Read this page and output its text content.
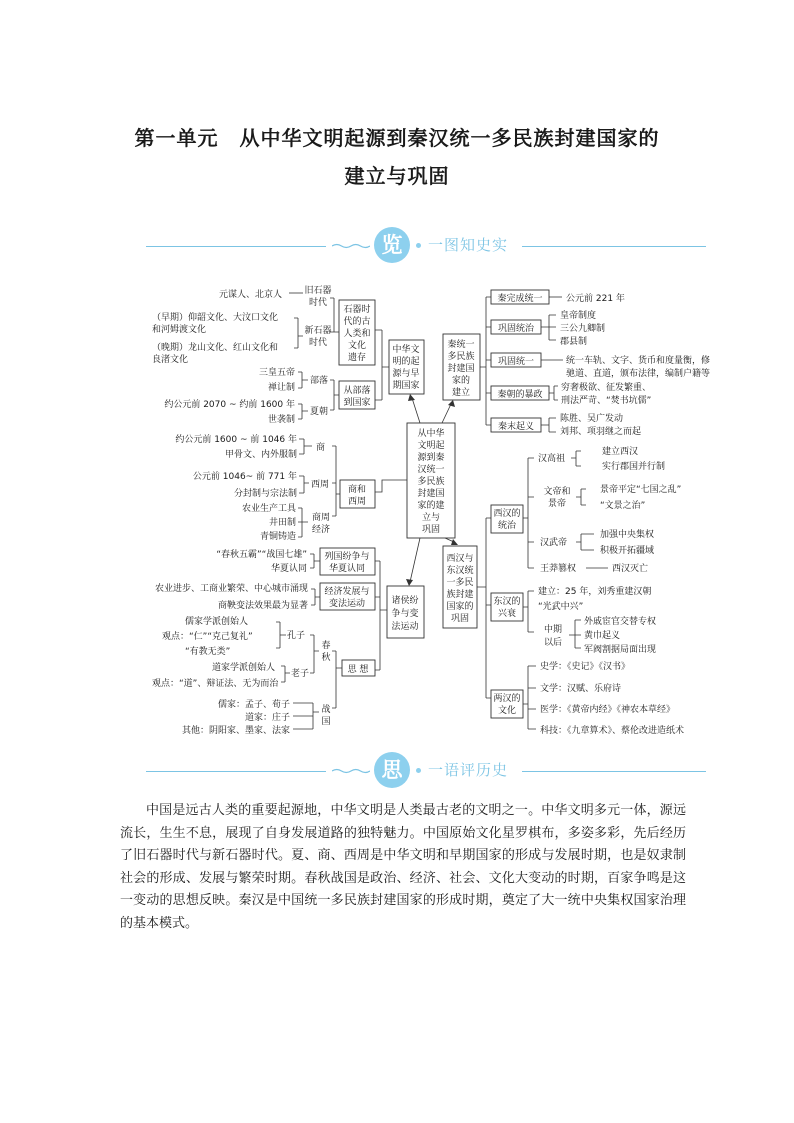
第一单元　从中华文明起源到秦汉统一多民族封建国家的
建立与巩固
览	一图知史实
从中华文明起源到秦汉统一多民族封建国家的建立与巩固
中华文明的起源与早期国家
秦统一多民族封建国家的建立
诸侯纷争与变法运动
西汉与东汉统一多民族封建国家的巩固
石器时代的古人类和文化遗存
旧石器时代
元谋人、北京人
新石器时代
（早期）仰韶文化、大汶口文化和河姆渡文化（晚期）龙山文化、红山文化和良渚文化
从部落到国家
部落
三皇五帝禅让制
夏朝
约公元前 2070 ~ 约前 1600 年世袭制
商和西周
商
约公元前 1600 ~ 前 1046 年甲骨文、内外服制
西周
公元前 1046~ 前 771 年分封制与宗法制
商周经济
农业生产工具井田制青铜铸造
列国纷争与华夏认同
“春秋五霸”“战国七雄”华夏认同
经济发展与变法运动
农业进步、工商业繁荣、中心城市涌现商鞅变法效果最为显著
思 想
春秋
孔子
儒家学派创始人观点：“仁”“克己复礼” “有教无类”
老子
道家学派创始人观点：“道”、辩证法、无为而治
战国
儒家：孟子、荀子道家：庄子其他：阴阳家、墨家、法家
秦完成统一	公元前 221 年
巩固统治
皇帝制度三公九卿制郡县制
巩固统一	统一车轨、文字、货币和度量衡，修驰道、直道，颁布法律，编制户籍等
秦朝的暴政
穷奢极欲、征发繁重、刑法严苛、“焚书坑儒”
秦末起义
陈胜、吴广发动刘邦、项羽继之而起
西汉的统治
汉高祖
建立西汉实行郡国并行制
文帝和景帝
景帝平定“七国之乱” “文景之治”
汉武帝
加强中央集权积极开拓疆域
王莽篡权	西汉灭亡
东汉的兴衰
建立：25 年，刘秀重建汉朝“光武中兴”
中期以后
外戚宦官交替专权黄巾起义军阀割据局面出现
两汉的文化
史学：《史记》《汉书》文学：汉赋、乐府诗医学：《黄帝内经》《神农本草经》科技：《九章算术》、蔡伦改进造纸术
思	一语评历史

中国是远古人类的重要起源地，中华文明是人类最古老的文明之一。中华文明多元一体，源远流长，生生不息，展现了自身发展道路的独特魅力。中国原始文化星罗棋布，多姿多彩，先后经历了旧石器时代与新石器时代。夏、商、西周是中华文明和早期国家的形成与发展时期，也是奴隶制社会的形成、发展与繁荣时期。春秋战国是政治、经济、社会、文化大变动的时期，百家争鸣是这一变动的思想反映。秦汉是中国统一多民族封建国家的形成时期，奠定了大一统中央集权国家治理的基本模式。
